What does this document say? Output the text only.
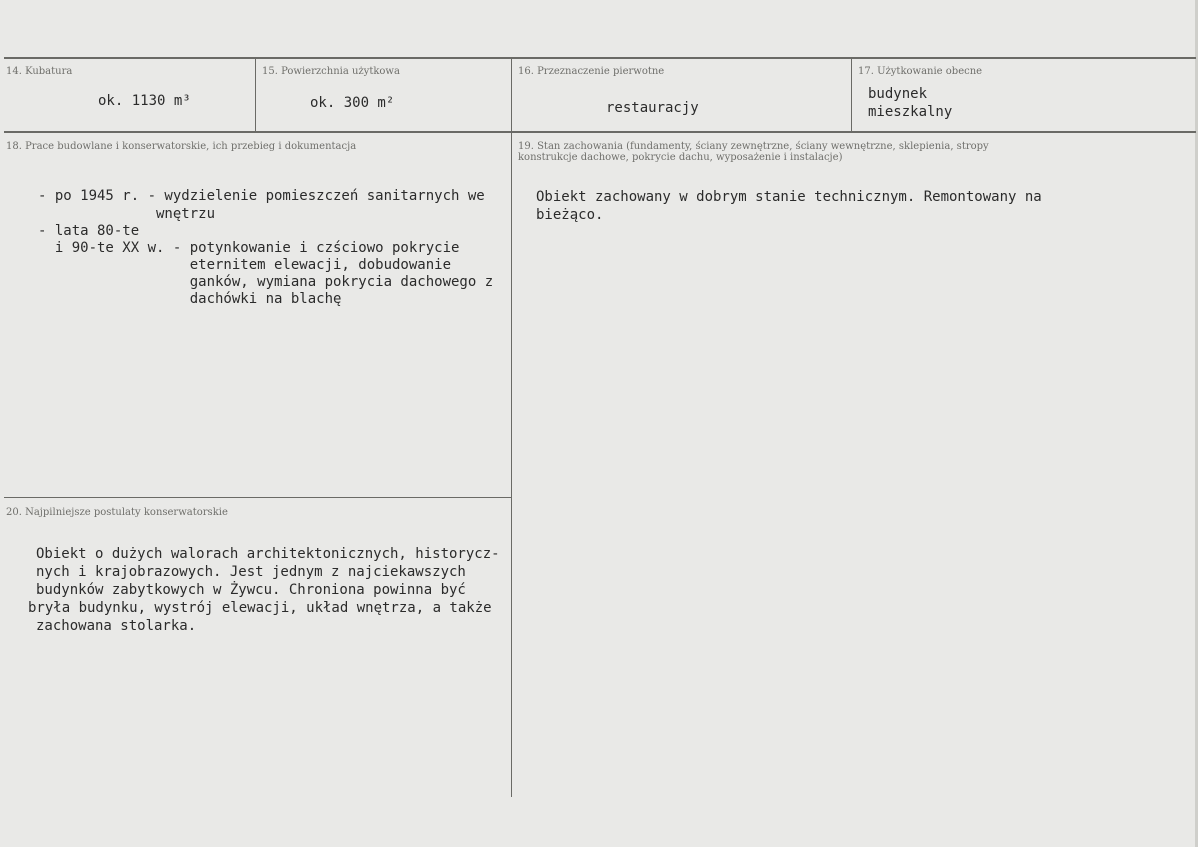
14. Kubatura
ok. 1130 m³
15. Powierzchnia użytkowa
ok. 300 m²
16. Przeznaczenie pierwotne
restauracjy
17. Użytkowanie obecne
budynek
mieszkalny
18. Prace budowlane i konserwatorskie, ich przebieg i dokumentacja
- po 1945 r. - wydzielenie pomieszczeń sanitarnych we
wnętrzu
- lata 80-te
i 90-te XX w. - potynkowanie i czściowo pokrycie
eternitem elewacji, dobudowanie
ganków, wymiana pokrycia dachowego z
dachówki na blachę
19. Stan zachowania (fundamenty, ściany zewnętrzne, ściany wewnętrzne, sklepienia, stropy
konstrukcje dachowe, pokrycie dachu, wyposażenie i instalacje)
Obiekt zachowany w dobrym stanie technicznym. Remontowany na
bieżąco.
20. Najpilniejsze postulaty konserwatorskie
Obiekt o dużych walorach architektonicznych, historycz-
nych i krajobrazowych. Jest jednym z najciekawszych
budynków zabytkowych w Żywcu. Chroniona powinna być
bryła budynku, wystrój elewacji, układ wnętrza, a także
zachowana stolarka.
